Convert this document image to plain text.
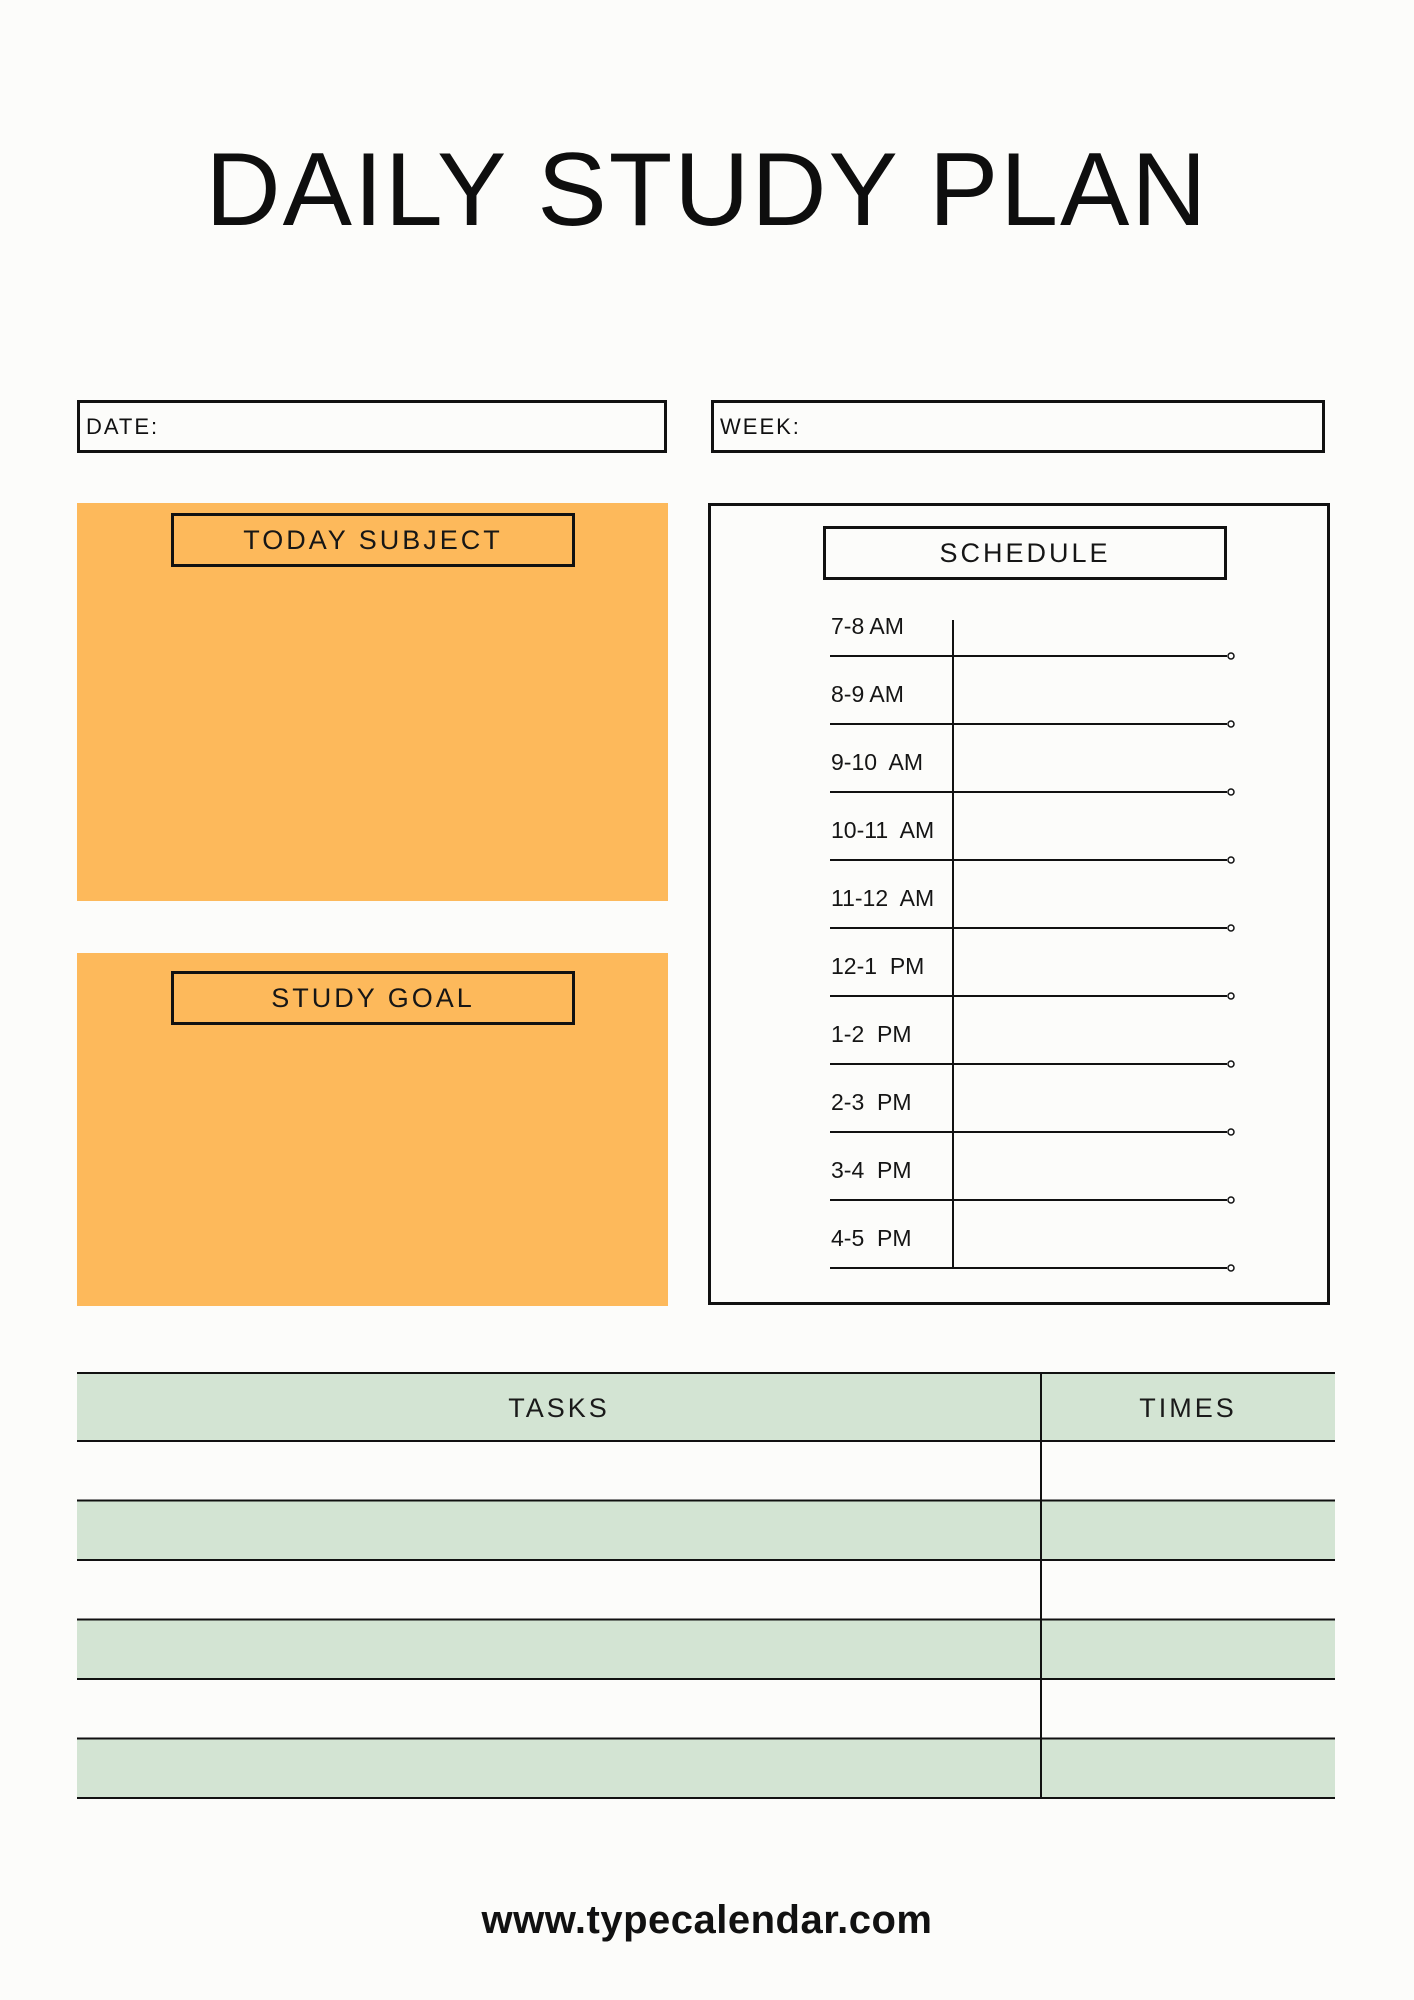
DAILY STUDY PLAN
DATE:	WEEK:
TODAY SUBJECT
STUDY GOAL
SCHEDULE
7-8 AM
8-9 AM
9-10  AM
10-11  AM
11-12  AM
12-1  PM
1-2  PM
2-3  PM
3-4  PM
4-5  PM
TASKS	TIMES
www.typecalendar.com
